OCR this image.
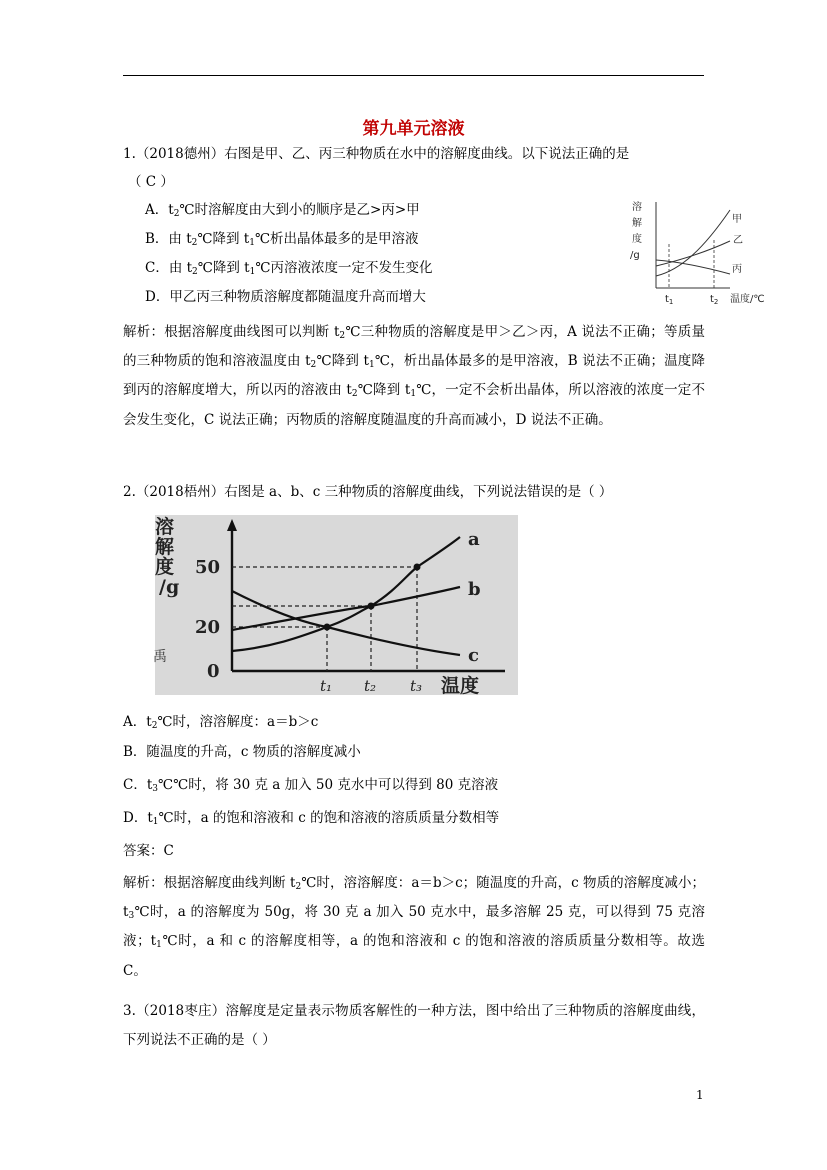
第九单元溶液
1.（2018德州）右图是甲、乙、丙三种物质在水中的溶解度曲线。以下说法正确的是
（ C ）
A．$t_2℃$时溶解度由大到小的顺序是乙>丙>甲
B．由 $t_2℃$降到 $t_1℃$析出晶体最多的是甲溶液
C．由 $t_2℃$降到 $t_1℃$丙溶液浓度一定不发生变化
D．甲乙丙三种物质溶解度都随温度升高而增大
溶
解
度
/g
甲
乙
丙
$t_1$	$t_2$ 温度/℃
解析：根据溶解度曲线图可以判断 $t_2℃$三种物质的溶解度是甲＞乙＞丙，A 说法不正确；等质量的三种物质的饱和溶液温度由 $t_2℃$降到 $t_1℃$，析出晶体最多的是甲溶液，B 说法不正确；温度降到丙的溶解度增大，所以丙的溶液由 $t_2℃$降到 $t_1℃$，一定不会析出晶体，所以溶液的浓度一定不会发生变化，C 说法正确；丙物质的溶解度随温度的升高而减小，D 说法不正确。
2.（2018梧州）右图是 a、b、c 三种物质的溶解度曲线，下列说法错误的是（ ）
溶
解
度
/g
禹
50
20
0
a
b
c
t₁ t₂ t₃ 温度
A．$t_2℃$时，溶溶解度：a＝b＞c
B．随温度的升高，c 物质的溶解度减小
C．$t_3℃℃$时，将 30 克 a 加入 50 克水中可以得到 80 克溶液
D．$t_1℃$时，a 的饱和溶液和 c 的饱和溶液的溶质质量分数相等
答案：C
解析：根据溶解度曲线判断 $t_2℃$时，溶溶解度：a＝b＞c；随温度的升高，c 物质的溶解度减小；$t_3℃$时，a 的溶解度为 50g，将 30 克 a 加入 50 克水中，最多溶解 25 克，可以得到 75 克溶液；$t_1℃$时，a 和 c 的溶解度相等，a 的饱和溶液和 c 的饱和溶液的溶质质量分数相等。故选 C。
3.（2018枣庄）溶解度是定量表示物质客解性的一种方法，图中给出了三种物质的溶解度曲线，下列说法不正确的是（ ）
1
